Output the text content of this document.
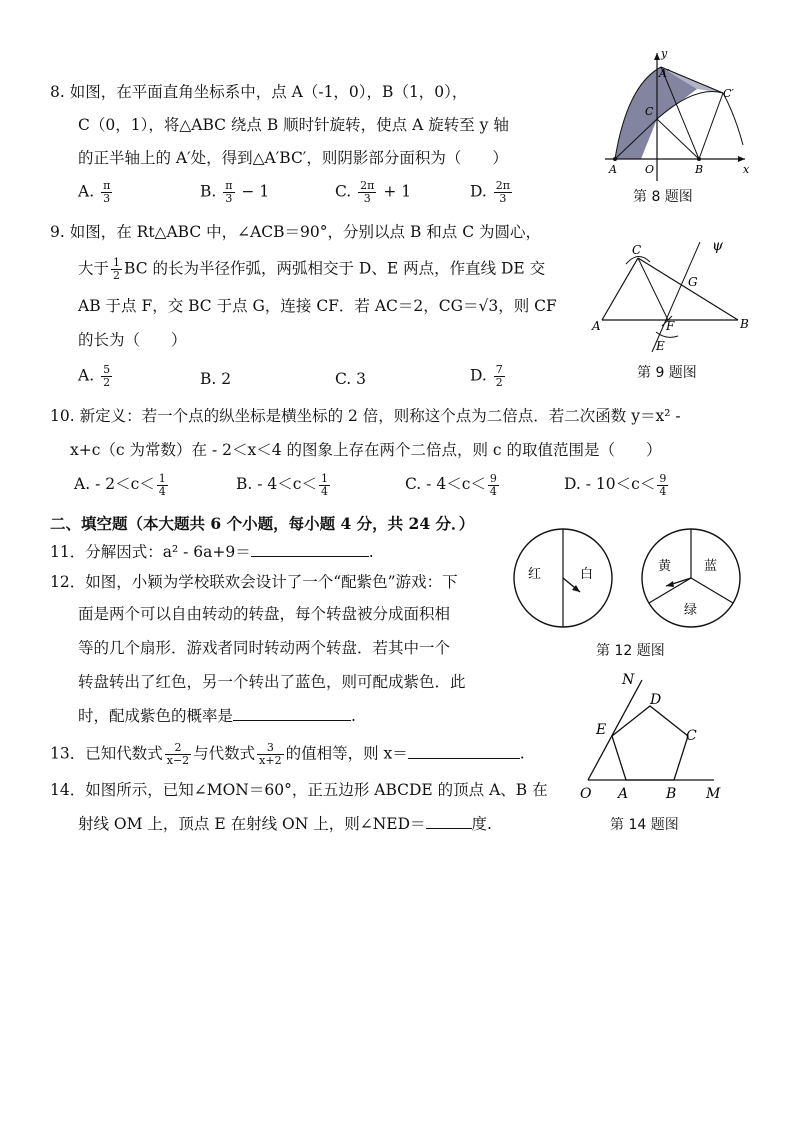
8. 如图，在平面直角坐标系中，点 A（-1，0），B（1，0），
C（0，1），将△ABC 绕点 B 顺时针旋转，使点 A 旋转至 y 轴
的正半轴上的 A′处，得到△A′BC′，则阴影部分面积为（　　）
A. $\frac{\pi}{3}$	B. $\frac{\pi}{3} - 1$	C. $\frac{2\pi}{3} + 1$	D. $\frac{2\pi}{3}$
y
x
A′
C′
C
A	O	B
第 8 题图
9. 如图，在 Rt△ABC 中，∠ACB＝90°，分别以点 B 和点 C 为圆心，
大于 $\frac{1}{2}$ BC 的长为半径作弧，两弧相交于 D、E 两点，作直线 DE 交
AB 于点 F，交 BC 于点 G，连接 CF．若 AC＝2，CG＝√3，则 CF
的长为（　　）
A. $\frac{5}{2}$	B. 2	C. 3	D. $\frac{7}{2}$
C
G
A	F	B
E
ψ
第 9 题图
10. 新定义：若一个点的纵坐标是横坐标的 2 倍，则称这个点为二倍点．若二次函数 y＝x² -
x+c（c 为常数）在 - 2＜x＜4 的图象上存在两个二倍点，则 c 的取值范围是（　　）
A. - $2<c< \frac{1}{4}$	B. - $4<c< \frac{1}{4}$	C. - $4<c< \frac{9}{4}$	D. - $10<c< \frac{9}{4}$
二、填空题（本大题共 6 个小题，每小题 4 分，共 24 分．）
11．分解因式：a² - 6a+9＝	.
12．如图，小颖为学校联欢会设计了一个“配紫色”游戏：下
面是两个可以自由转动的转盘，每个转盘被分成面积相
等的几个扇形．游戏者同时转动两个转盘．若其中一个
转盘转出了红色，另一个转出了蓝色，则可配成紫色．此
时，配成紫色的概率是	.
红	白
黄	蓝
绿
第 12 题图
13．已知代数式 $\frac{2}{x-2}$ 与代数式 $\frac{3}{x+2}$ 的值相等，则 x＝	.
14．如图所示，已知∠MON＝60°，正五边形 ABCDE 的顶点 A、B 在
射线 OM 上，顶点 E 在射线 ON 上，则∠NED＝	度.
N
D
E	C
O A	B M
第 14 题图
